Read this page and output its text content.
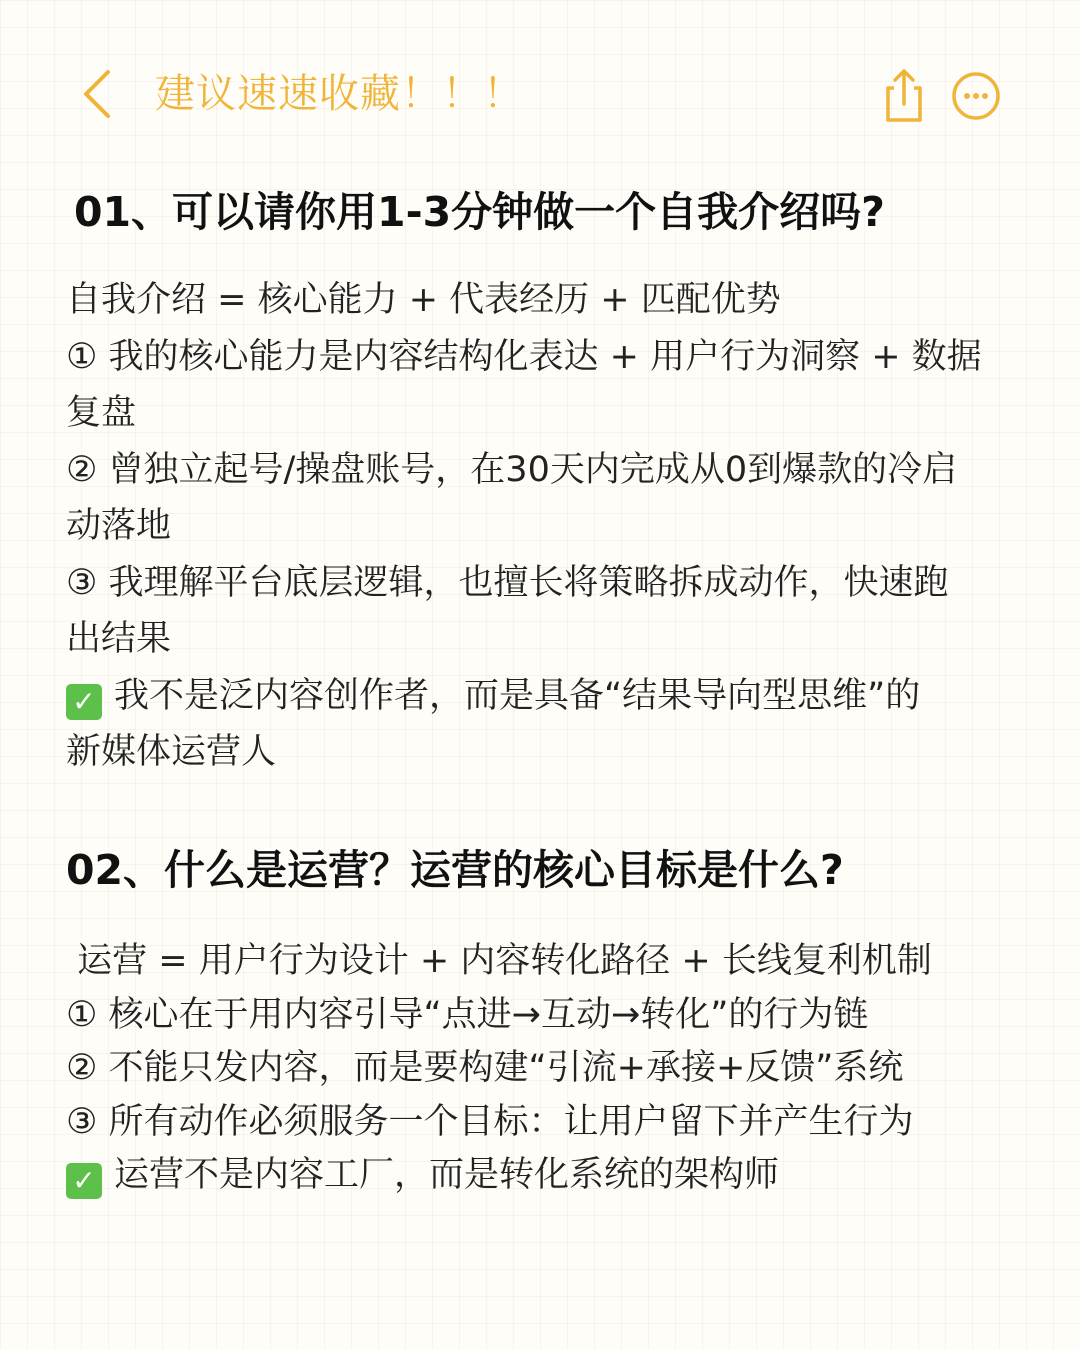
建议速速收藏！！！
01、可以请你用1-3分钟做一个自我介绍吗?
自我介绍 = 核心能力 + 代表经历 + 匹配优势
① 我的核心能力是内容结构化表达 + 用户行为洞察 + 数据
复盘
② 曾独立起号/操盘账号，在30天内完成从0到爆款的冷启
动落地
③ 我理解平台底层逻辑，也擅长将策略拆成动作，快速跑
出结果
✓ 我不是泛内容创作者，而是具备“结果导向型思维”的
新媒体运营人
02、什么是运营？运营的核心目标是什么?
运营 = 用户行为设计 + 内容转化路径 + 长线复利机制
① 核心在于用内容引导“点进→互动→转化”的行为链
② 不能只发内容，而是要构建“引流+承接+反馈”系统
③ 所有动作必须服务一个目标：让用户留下并产生行为
✓ 运营不是内容工厂，而是转化系统的架构师
